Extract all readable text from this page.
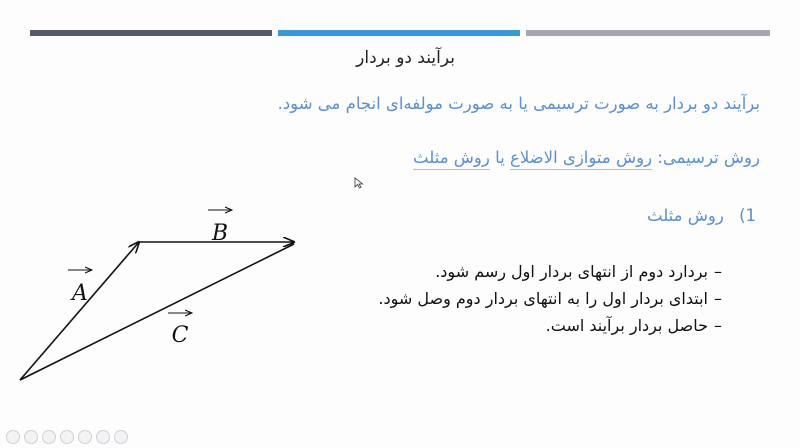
برآیند دو بردار
برآیند دو بردار به صورت ترسیمی یا به صورت مولفه‌ای انجام می شود.
روش ترسیمی: روش متوازی الاضلاع یا روش مثلث
1) روش مثلث
–بردارد دوم از انتهای بردار اول رسم شود.
–ابتدای بردار اول را به انتهای بردار دوم وصل شود.
–حاصل بردار برآیند است.
A
B
C
